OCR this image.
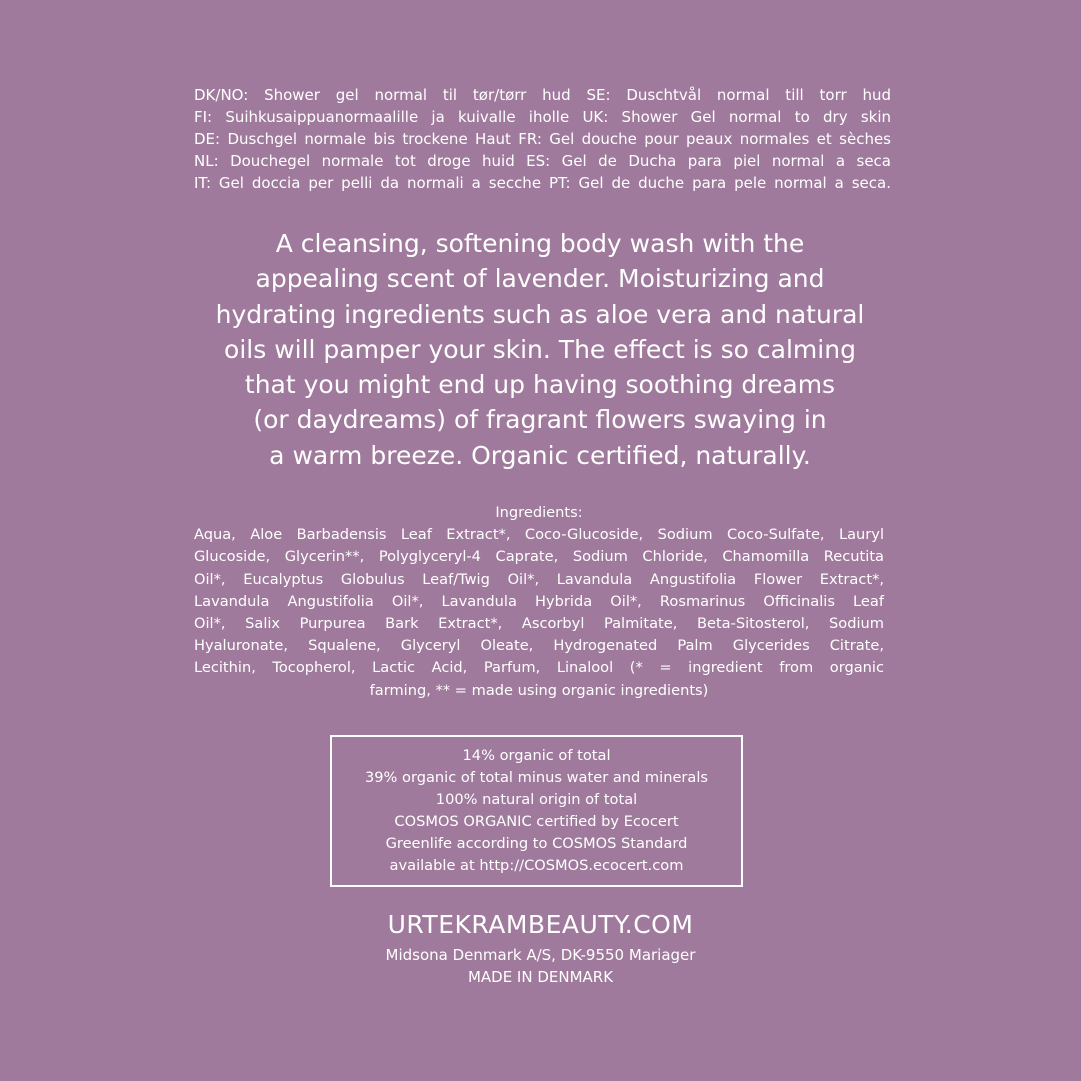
DK/NO: Shower gel normal til tør/tørr hud SE: Duschtvål normal till torr hud
FI: Suihkusaippuanormaalille ja kuivalle iholle UK: Shower Gel normal to dry skin
DE: Duschgel normale bis trockene Haut FR: Gel douche pour peaux normales et sèches
NL: Douchegel normale tot droge huid ES: Gel de Ducha para piel normal a seca
IT: Gel doccia per pelli da normali a secche PT: Gel de duche para pele normal a seca.
A cleansing, softening body wash with the
appealing scent of lavender. Moisturizing and
hydrating ingredients such as aloe vera and natural
oils will pamper your skin. The effect is so calming
that you might end up having soothing dreams
(or daydreams) of fragrant flowers swaying in
a warm breeze. Organic certified, naturally.
Ingredients:
Aqua, Aloe Barbadensis Leaf Extract*, Coco-Glucoside, Sodium Coco-Sulfate, Lauryl
Glucoside, Glycerin**, Polyglyceryl-4 Caprate, Sodium Chloride, Chamomilla Recutita
Oil*, Eucalyptus Globulus Leaf/Twig Oil*, Lavandula Angustifolia Flower Extract*,
Lavandula Angustifolia Oil*, Lavandula Hybrida Oil*, Rosmarinus Officinalis Leaf
Oil*, Salix Purpurea Bark Extract*, Ascorbyl Palmitate, Beta-Sitosterol, Sodium
Hyaluronate, Squalene, Glyceryl Oleate, Hydrogenated Palm Glycerides Citrate,
Lecithin, Tocopherol, Lactic Acid, Parfum, Linalool (* = ingredient from organic
farming, ** = made using organic ingredients)
14% organic of total
39% organic of total minus water and minerals
100% natural origin of total
COSMOS ORGANIC certified by Ecocert
Greenlife according to COSMOS Standard
available at http://COSMOS.ecocert.com
URTEKRAMBEAUTY.COM
Midsona Denmark A/S, DK-9550 Mariager
MADE IN DENMARK
